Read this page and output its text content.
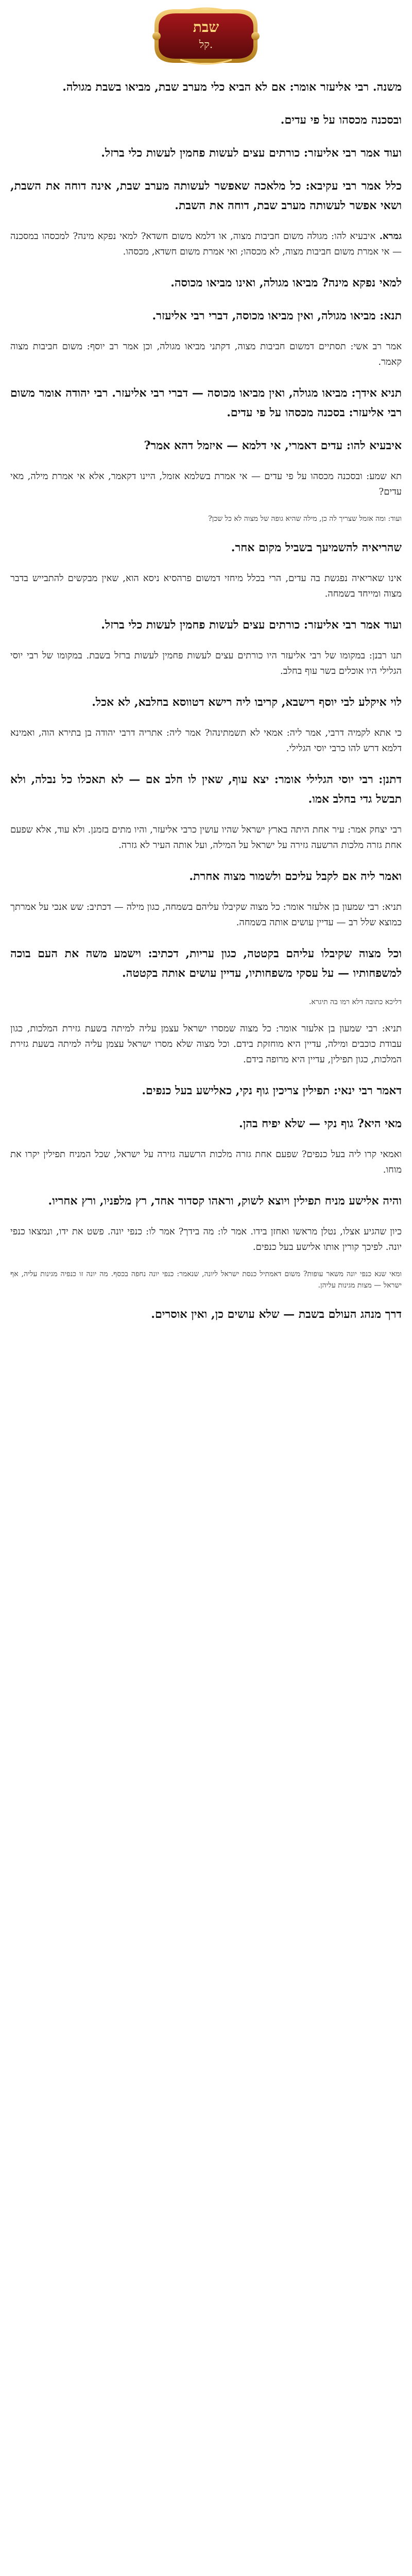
שבת
קל.

משנה. רבי אליעזר אומר: אם לא הביא כלי מערב שבת, מביאו בשבת מגולה.

ובסכנה מכסהו על פי עדים.

ועוד אמר רבי אליעזר: כורתים עצים לעשות פחמין לעשות כלי ברזל.

כלל אמר רבי עקיבא: כל מלאכה שאפשר לעשותה מערב שבת, אינה דוחה את השבת, ושאי אפשר לעשותה מערב שבת, דוחה את השבת.

גמרא. איבעיא להו: מגולה משום חביבות מצוה, או דלמא משום חשדא? למאי נפקא מינה? למכסהו במסכנה — אי אמרת משום חביבות מצוה, לא מכסהו; ואי אמרת משום חשדא, מכסהו.

למאי נפקא מינה? מביאו מגולה, ואינו מביאו מכוסה.

תנא: מביאו מגולה, ואין מביאו מכוסה, דברי רבי אליעזר.

אמר רב אשי: תסתיים דמשום חביבות מצוה, דקתני מביאו מגולה, וכן אמר רב יוסף: משום חביבות מצוה קאמר.

תניא אידך: מביאו מגולה, ואין מביאו מכוסה — דברי רבי אליעזר. רבי יהודה אומר משום רבי אליעזר: בסכנה מכסהו על פי עדים.

איבעיא להו: עדים דאמרי, אי דלמא — איזמל דהא אמר?

תא שמע: ובסכנה מכסהו על פי עדים — אי אמרת בשלמא אזמל, היינו דקאמר, אלא אי אמרת מילה, מאי עדים?

ועוד: ומה אזמל שצריך לה כן, מילה שהיא גופה של מצוה לא כל שכן?

שהריאיה להשמיעך בשביל מקום אחר.

אינו שאריאיה נפגשת בה עדים, הרי בכלל מיחזי דמשום פרהסיא ניסא הוא, שאין מבקשים להתבייש בדבר מצוה ומייחד בשמחה.

ועוד אמר רבי אליעזר: כורתים עצים לעשות פחמין לעשות כלי ברזל.

תנו רבנן: במקומו של רבי אליעזר היו כורתים עצים לעשות פחמין לעשות ברזל בשבת. במקומו של רבי יוסי הגלילי היו אוכלים בשר עוף בחלב.

לוי איקלע לבי יוסף רישבא, קריבו ליה רישא דטווסא בחלבא, לא אכל.

כי אתא לקמיה דרבי, אמר ליה: אמאי לא תשמתינהו? אמר ליה: אתריה דרבי יהודה בן בתירא הוה, ואמינא דלמא דרש להו כרבי יוסי הגלילי.

דתנן: רבי יוסי הגלילי אומר: יצא עוף, שאין לו חלב אם — לא תאכלו כל נבלה, ולא תבשל גדי בחלב אמו.

רבי יצחק אמר: עיר אחת היתה בארץ ישראל שהיו עושין כרבי אליעזר, והיו מתים בזמנן. ולא עוד, אלא שפעם אחת גזרה מלכות הרשעה גזירה על ישראל על המילה, ועל אותה העיר לא גזרה.

ואמר ליה אם לקבל עליכם ולשמור מצוה אחרת.

תניא: רבי שמעון בן אלעזר אומר: כל מצוה שקיבלו עליהם בשמחה, כגון מילה — דכתיב: שש אנכי על אמרתך כמוצא שלל רב — עדיין עושים אותה בשמחה.

וכל מצוה שקיבלו עליהם בקטטה, כגון עריות, דכתיב: וישמע משה את העם בוכה למשפחותיו — על עסקי משפחותיו, עדיין עושים אותה בקטטה.

דליכא כתובה דלא רמו בה תיגרא.

תניא: רבי שמעון בן אלעזר אומר: כל מצוה שמסרו ישראל עצמן עליה למיתה בשעת גזירת המלכות, כגון עבודת כוכבים ומילה, עדיין היא מוחזקת בידם. וכל מצוה שלא מסרו ישראל עצמן עליה למיתה בשעת גזירת המלכות, כגון תפילין, עדיין היא מרופה בידם.

דאמר רבי ינאי: תפילין צריכין גוף נקי, כאלישע בעל כנפים.

מאי היא? גוף נקי — שלא יפיח בהן.

ואמאי קרו ליה בעל כנפים? שפעם אחת גזרה מלכות הרשעה גזירה על ישראל, שכל המניח תפילין יקרו את מוחו.

והיה אלישע מניח תפילין ויוצא לשוק, וראהו קסדור אחד, רץ מלפניו, ורץ אחריו.

כיון שהגיע אצלו, נטלן מראשו ואחזן בידו. אמר לו: מה בידך? אמר לו: כנפי יונה. פשט את ידו, ונמצאו כנפי יונה. לפיכך קורין אותו אלישע בעל כנפים.

ומאי שנא כנפי יונה משאר עופות? משום דאמתיל כנסת ישראל ליונה, שנאמר: כנפי יונה נחפה בכסף. מה יונה זו כנפיה מגינות עליה, אף ישראל — מצות מגינות עליהן.

דרך מנהג העולם בשבת — שלא עושים כן, ואין אוסרים.
